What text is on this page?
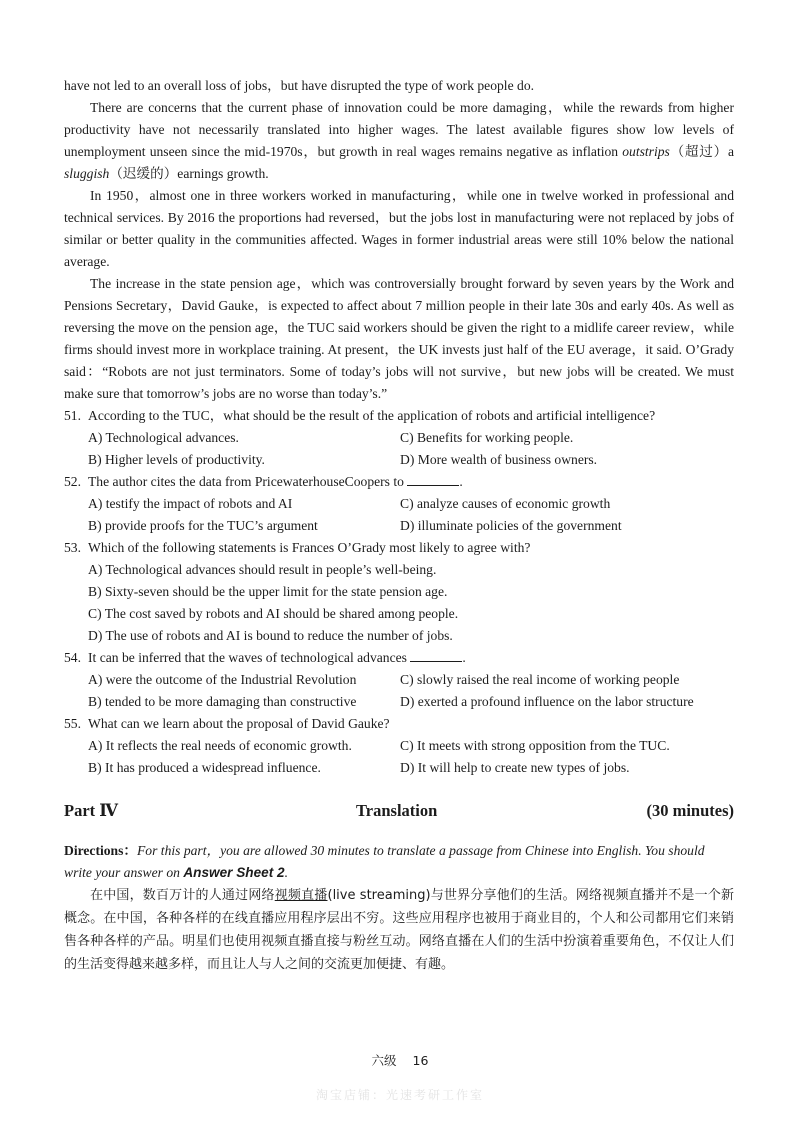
have not led to an overall loss of jobs，but have disrupted the type of work people do.

There are concerns that the current phase of innovation could be more damaging，while the rewards from higher productivity have not necessarily translated into higher wages. The latest available figures show low levels of unemployment unseen since the mid-1970s，but growth in real wages remains negative as inflation outstrips（超过）a sluggish（迟缓的）earnings growth.

In 1950，almost one in three workers worked in manufacturing，while one in twelve worked in professional and technical services. By 2016 the proportions had reversed，but the jobs lost in manufacturing were not replaced by jobs of similar or better quality in the communities affected. Wages in former industrial areas were still 10% below the national average.

The increase in the state pension age，which was controversially brought forward by seven years by the Work and Pensions Secretary，David Gauke，is expected to affect about 7 million people in their late 30s and early 40s. As well as reversing the move on the pension age，the TUC said workers should be given the right to a midlife career review，while firms should invest more in workplace training. At present，the UK invests just half of the EU average，it said. O’Grady said：“Robots are not just terminators. Some of today’s jobs will not survive，but new jobs will be created. We must make sure that tomorrow’s jobs are no worse than today’s.”

51. According to the TUC，what should be the result of the application of robots and artificial intelligence?

A) Technological advances.	C) Benefits for working people.
B) Higher levels of productivity.	D) More wealth of business owners.

52. The author cites the data from PricewaterhouseCoopers to	.

A) testify the impact of robots and AI	C) analyze causes of economic growth
B) provide proofs for the TUC’s argument	D) illuminate policies of the government

53. Which of the following statements is Frances O’Grady most likely to agree with?

A) Technological advances should result in people’s well-being.
B) Sixty-seven should be the upper limit for the state pension age.
C) The cost saved by robots and AI should be shared among people.
D) The use of robots and AI is bound to reduce the number of jobs.

54. It can be inferred that the waves of technological advances	.

A) were the outcome of the Industrial Revolution	C) slowly raised the real income of working people
B) tended to be more damaging than constructive	D) exerted a profound influence on the labor structure

55. What can we learn about the proposal of David Gauke?

A) It reflects the real needs of economic growth.	C) It meets with strong opposition from the TUC.
B) It has produced a widespread influence.	D) It will help to create new types of jobs.
Part Ⅳ	Translation	(30 minutes)
Directions：For this part，you are allowed 30 minutes to translate a passage from Chinese into English. You should write your answer on Answer Sheet 2.

在中国，数百万计的人通过网络视频直播(live streaming)与世界分享他们的生活。网络视频直播并不是一个新概念。在中国，各种各样的在线直播应用程序层出不穷。这些应用程序也被用于商业目的，个人和公司都用它们来销售各种各样的产品。明星们也使用视频直播直接与粉丝互动。网络直播在人们的生活中扮演着重要角色，不仅让人们的生活变得越来越多样，而且让人与人之间的交流更加便捷、有趣。

六级 16
淘宝店铺：光速考研工作室
